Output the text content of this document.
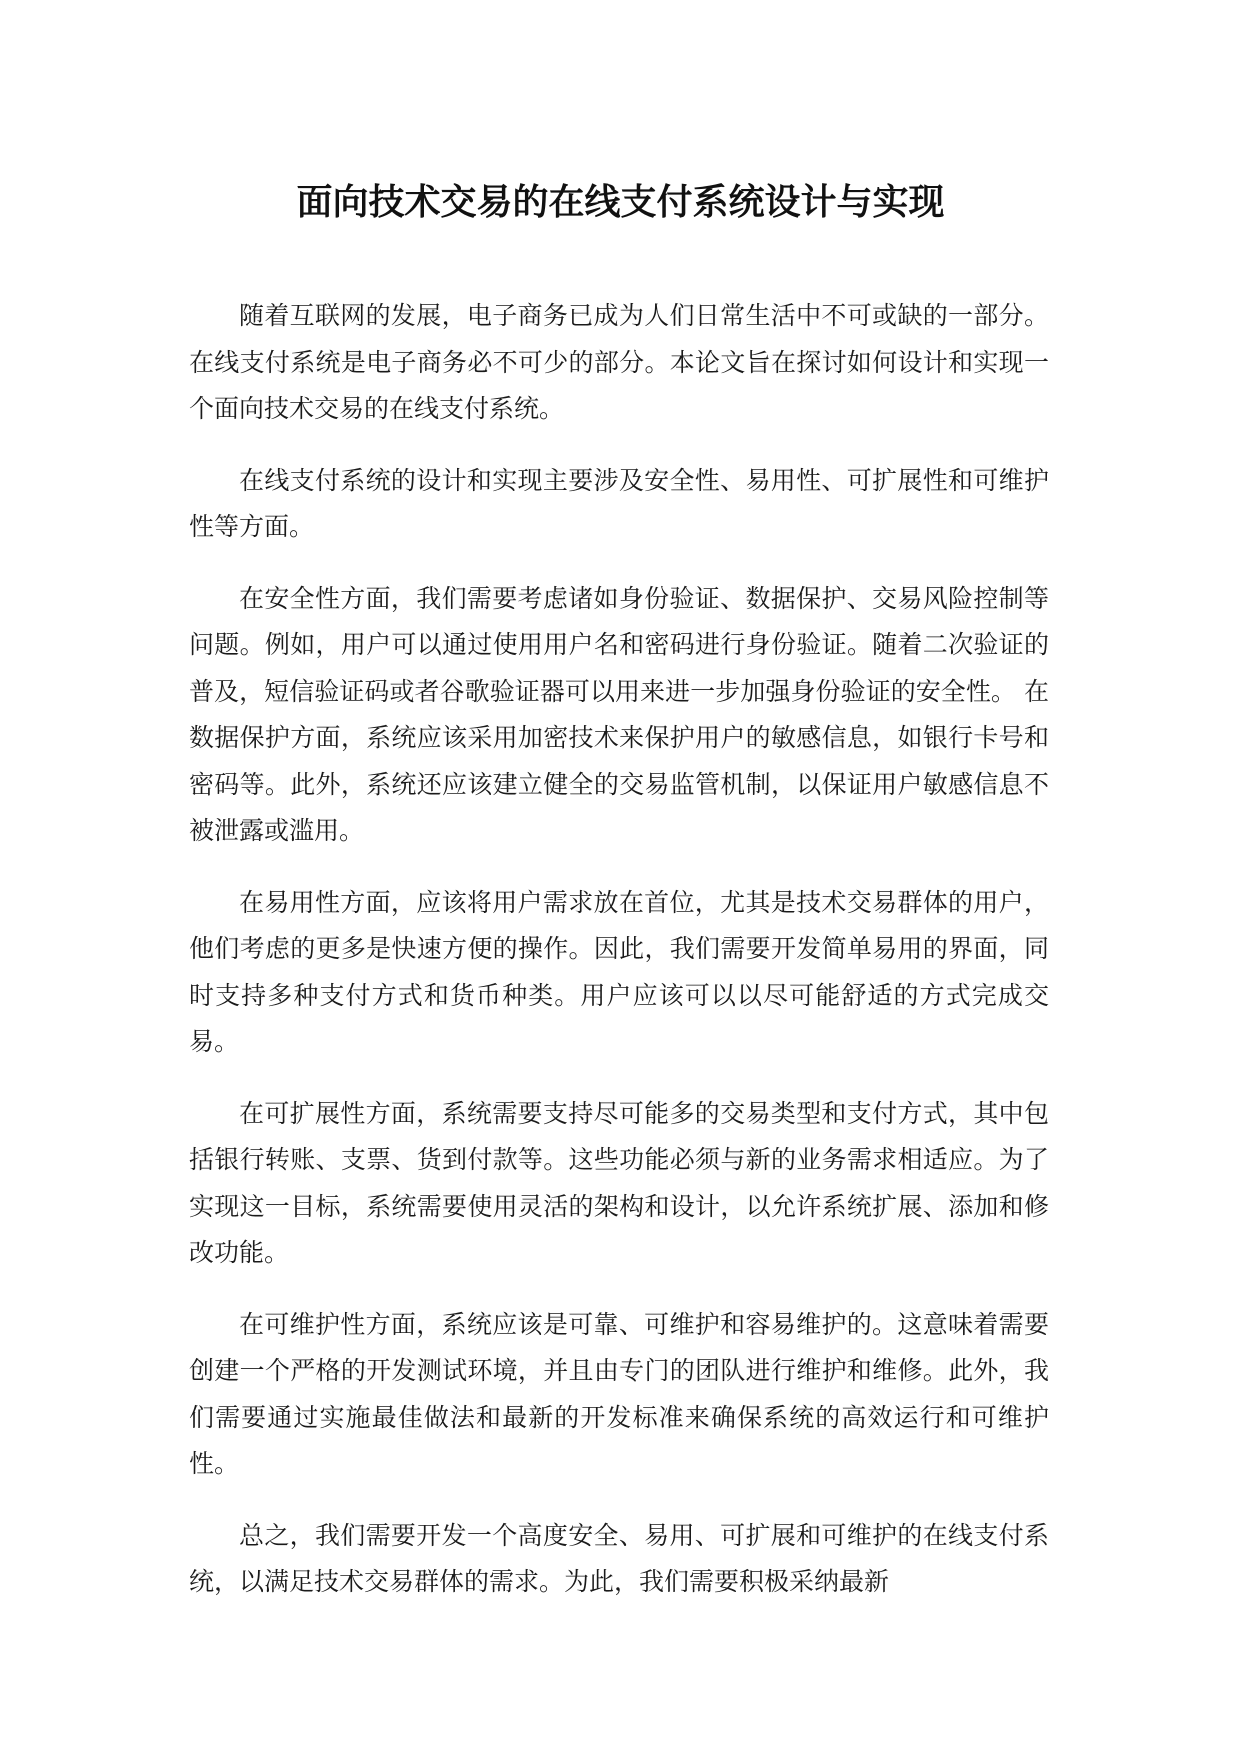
面向技术交易的在线支付系统设计与实现

随着互联网的发展，电子商务已成为人们日常生活中不可或缺的一部分。在线支付系统是电子商务必不可少的部分。本论文旨在探讨如何设计和实现一个面向技术交易的在线支付系统。

在线支付系统的设计和实现主要涉及安全性、易用性、可扩展性和可维护性等方面。

在安全性方面，我们需要考虑诸如身份验证、数据保护、交易风险控制等问题。例如，用户可以通过使用用户名和密码进行身份验证。随着二次验证的普及，短信验证码或者谷歌验证器可以用来进一步加强身份验证的安全性。 在数据保护方面，系统应该采用加密技术来保护用户的敏感信息，如银行卡号和密码等。此外，系统还应该建立健全的交易监管机制，以保证用户敏感信息不被泄露或滥用。

在易用性方面，应该将用户需求放在首位，尤其是技术交易群体的用户，他们考虑的更多是快速方便的操作。因此，我们需要开发简单易用的界面，同时支持多种支付方式和货币种类。用户应该可以以尽可能舒适的方式完成交易。

在可扩展性方面，系统需要支持尽可能多的交易类型和支付方式，其中包括银行转账、支票、货到付款等。这些功能必须与新的业务需求相适应。为了实现这一目标，系统需要使用灵活的架构和设计，以允许系统扩展、添加和修改功能。

在可维护性方面，系统应该是可靠、可维护和容易维护的。这意味着需要创建一个严格的开发测试环境，并且由专门的团队进行维护和维修。此外，我们需要通过实施最佳做法和最新的开发标准来确保系统的高效运行和可维护性。

总之，我们需要开发一个高度安全、易用、可扩展和可维护的在线支付系统，以满足技术交易群体的需求。为此，我们需要积极采纳最新
